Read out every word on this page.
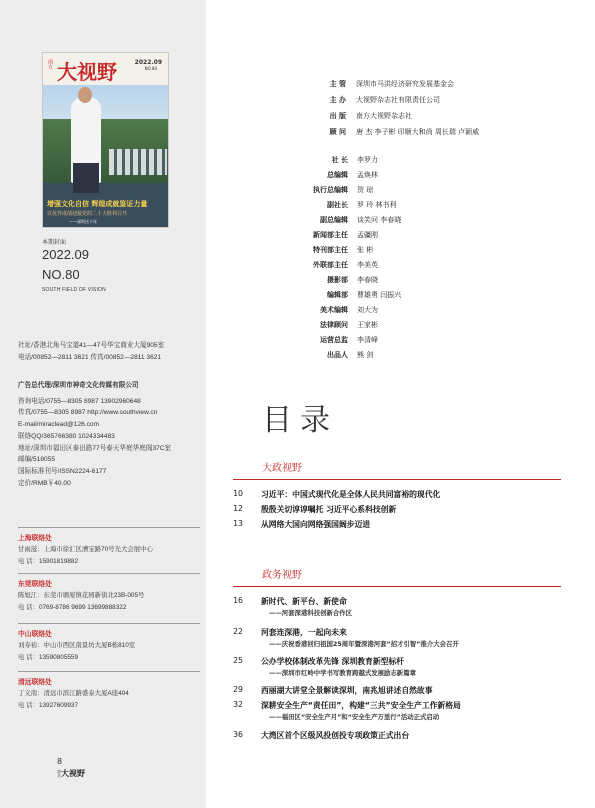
南方 大视野	2022.09
NO.80
增强文化自信 辉煌成就鉴证力量
以优异成绩迎接党的二十大胜利召开
——深圳这十年
本期封面
2022.09
NO.80
SOUTH FIELD OF VISION
社址/香港北角马宝道41—47号华宝商业大厦905室
电话/00852—2811 3621 传真/00852—2811 3621
广告总代理/深圳市神奇文化传媒有限公司
咨询电话/0755—8305 8987 13902960648
传真/0755—8305 8987 http://www.southview.cn
E-mail/miraclead@126.com
联络QQ/365766380 1024334483
地址/深圳市福田区泰田路77号泰天华庭华庭阁37C室
邮编/518055
国际标准刊号/ISSN2224-6177
定价/RMB￥40.00
上海联络处
甘雨滋：上海市徐汇区漕宝路70号光大会展中心
电 话：15901819882
东莞联络处
陈旭江：东莞市塘厦镇花园新街北23B-005号
电 话：0769-8786 9699 13699888322
中山联络处
刘寿裕：中山市西区南景坊大厦B栋810室
电 话：13590805559
清远联络处
丁义南：清远市滨江路盛泰大厦A座404
电 话：13927609937
8
南方大视野
主 管 深圳市马洪经济研究发展基金会
主 办 大视野杂志社有限责任公司
出 版 南方大视野杂志社
顾 问 唐 杰 李子彬 印顺大和尚 周长瑞 卢颖威
社 长 李罗力
总编辑 孟焕林
执行总编辑 贺 琼
副社长 罗 玲 林书利
副总编辑 谈笑问 李春晓
新闻部主任 孟疆刚
特刊部主任 张 彬
外联部主任 李美英
摄影部 李春晓
编辑部 曹雄勇 闫振兴
美术编辑 刘大为
法律顾问 王家彬
运营总监 李清峰
出品人 熊 剑
目录
大政视野
10 习近平：中国式现代化是全体人民共同富裕的现代化
12 殷殷关切谆谆嘱托 习近平心系科技创新
13 从网络大国向网络强国阔步迈进
政务视野
16 新时代、新平台、新使命
——河套深港科技创新合作区
22 河套连深港，一起向未来
——庆祝香港回归祖国25周年暨深港河套“招才引智”推介大会召开
25 公办学校体制改革先锋 深圳教育新型标杆
——深圳市红岭中学书写教育跨越式发展励志新篇章
29 西丽湖大讲堂全景解读深圳，南兆旭讲述自然故事
32 深耕安全生产“责任田”，构建“三共”安全生产工作新格局
——福田区“安全生产月”和“安全生产万里行”活动正式启动
36 大湾区首个区级风投创投专项政策正式出台
